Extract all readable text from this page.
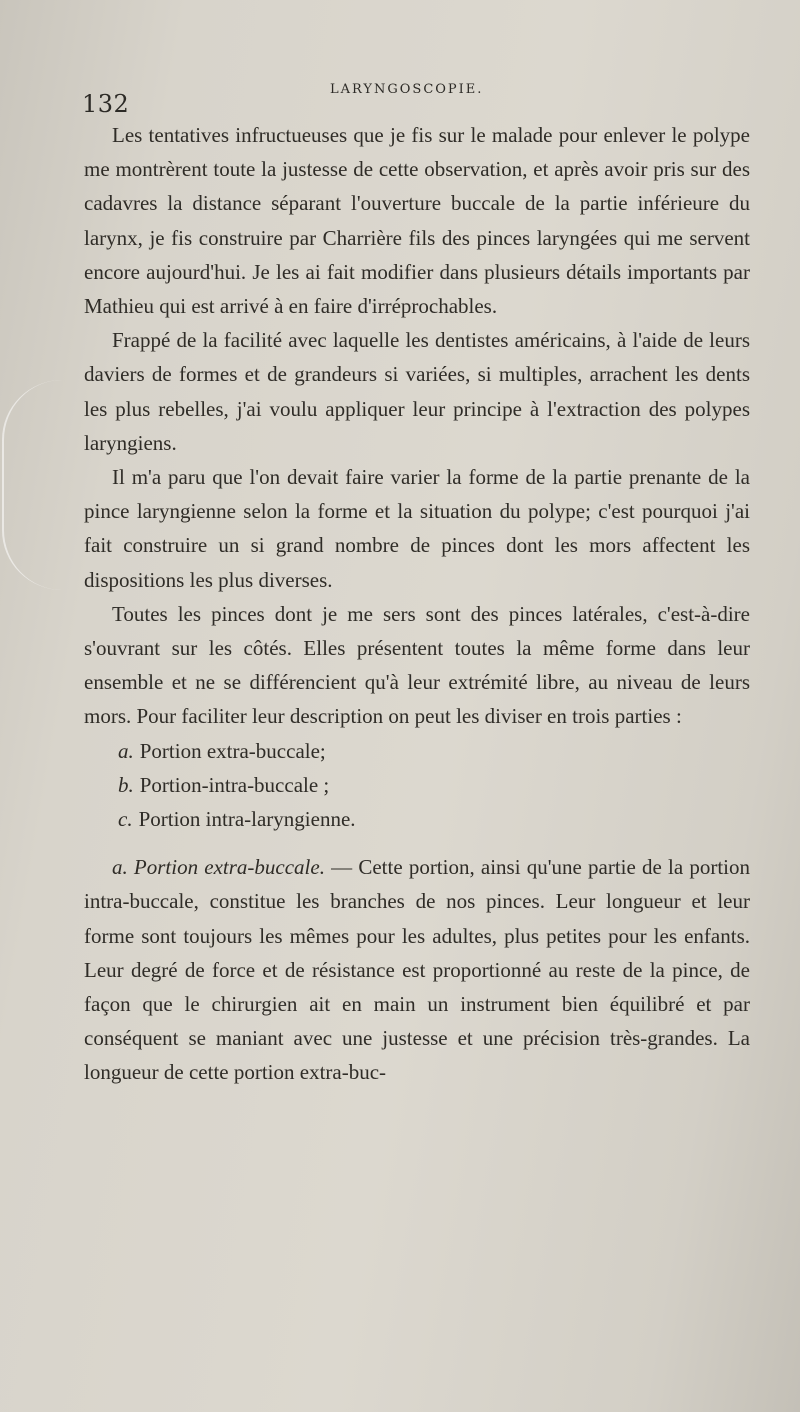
132
LARYNGOSCOPIE.

Les tentatives infructueuses que je fis sur le malade pour enlever le polype me montrèrent toute la justesse de cette observation, et après avoir pris sur des cadavres la distance séparant l'ouverture buccale de la partie inférieure du larynx, je fis construire par Charrière fils des pinces laryngées qui me servent encore aujourd'hui. Je les ai fait modifier dans plusieurs détails importants par Mathieu qui est arrivé à en faire d'irréprochables.

Frappé de la facilité avec laquelle les dentistes américains, à l'aide de leurs daviers de formes et de grandeurs si variées, si multiples, arrachent les dents les plus rebelles, j'ai voulu appliquer leur principe à l'extraction des polypes laryngiens.

Il m'a paru que l'on devait faire varier la forme de la partie prenante de la pince laryngienne selon la forme et la situation du polype; c'est pourquoi j'ai fait construire un si grand nombre de pinces dont les mors affectent les dispositions les plus diverses.

Toutes les pinces dont je me sers sont des pinces latérales, c'est-à-dire s'ouvrant sur les côtés. Elles présentent toutes la même forme dans leur ensemble et ne se différencient qu'à leur extrémité libre, au niveau de leurs mors. Pour faciliter leur description on peut les diviser en trois parties :

a. Portion extra-buccale;
b. Portion-intra-buccale ;
c. Portion intra-laryngienne.

a. Portion extra-buccale. — Cette portion, ainsi qu'une partie de la portion intra-buccale, constitue les branches de nos pinces. Leur longueur et leur forme sont toujours les mêmes pour les adultes, plus petites pour les enfants. Leur degré de force et de résistance est proportionné au reste de la pince, de façon que le chirurgien ait en main un instrument bien équilibré et par conséquent se maniant avec une justesse et une précision très-grandes. La longueur de cette portion extra-buc-
